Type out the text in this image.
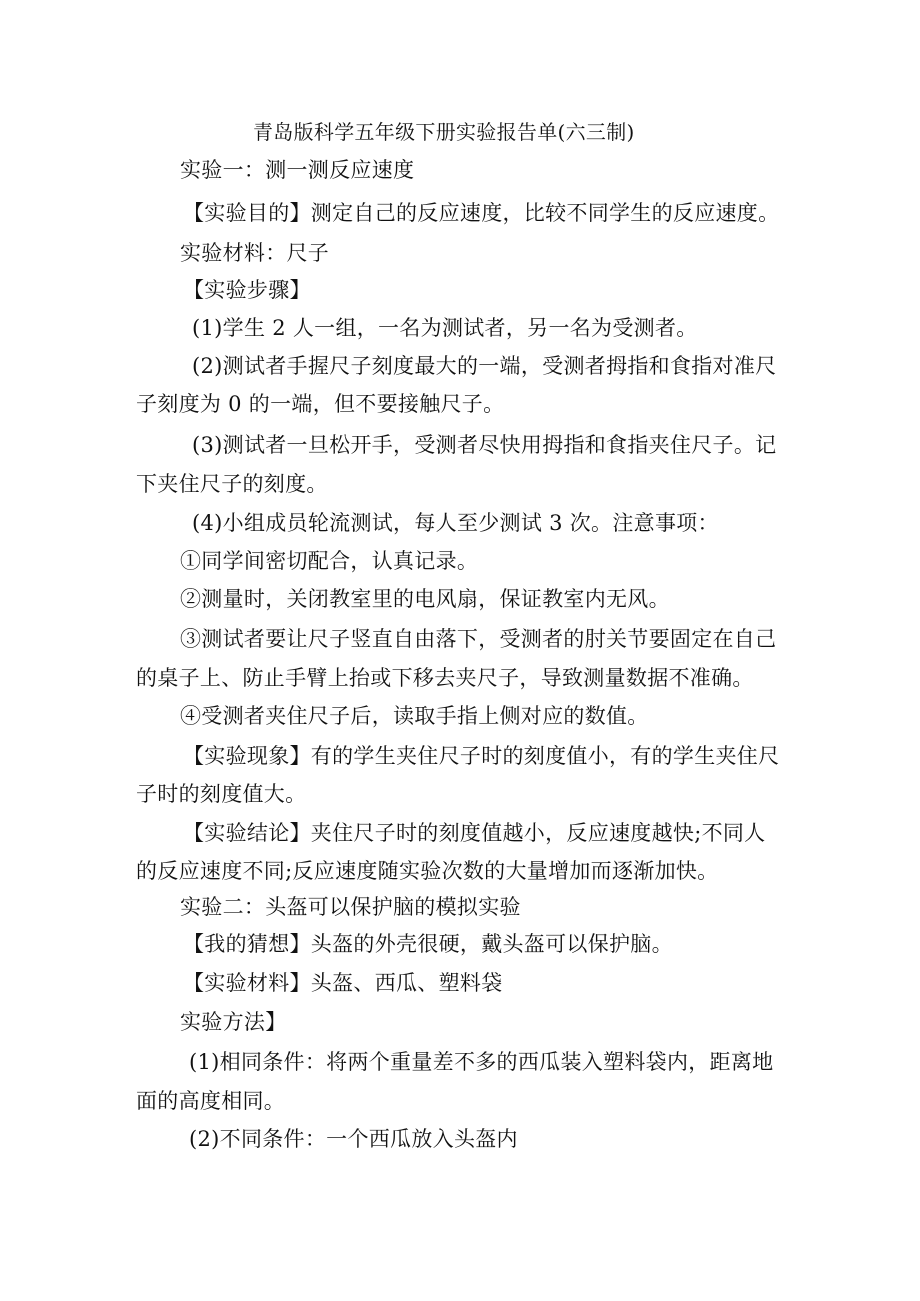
青岛版科学五年级下册实验报告单(六三制)
实验一：测一测反应速度
【实验目的】测定自己的反应速度，比较不同学生的反应速度。
实验材料：尺子
【实验步骤】
(1)学生 2 人一组，一名为测试者，另一名为受测者。
(2)测试者手握尺子刻度最大的一端，受测者拇指和食指对准尺
子刻度为 0 的一端，但不要接触尺子。
(3)测试者一旦松开手，受测者尽快用拇指和食指夹住尺子。记
下夹住尺子的刻度。
(4)小组成员轮流测试，每人至少测试 3 次。注意事项：
①同学间密切配合，认真记录。
②测量时，关闭教室里的电风扇，保证教室内无风。
③测试者要让尺子竖直自由落下，受测者的肘关节要固定在自己
的桌子上、防止手臂上抬或下移去夹尺子，导致测量数据不准确。
④受测者夹住尺子后，读取手指上侧对应的数值。
【实验现象】有的学生夹住尺子时的刻度值小，有的学生夹住尺
子时的刻度值大。
【实验结论】夹住尺子时的刻度值越小，反应速度越快;不同人
的反应速度不同;反应速度随实验次数的大量增加而逐渐加快。
实验二：头盔可以保护脑的模拟实验
【我的猜想】头盔的外壳很硬，戴头盔可以保护脑。
【实验材料】头盔、西瓜、塑料袋
实验方法】
(1)相同条件：将两个重量差不多的西瓜装入塑料袋内，距离地
面的高度相同。
(2)不同条件：一个西瓜放入头盔内
